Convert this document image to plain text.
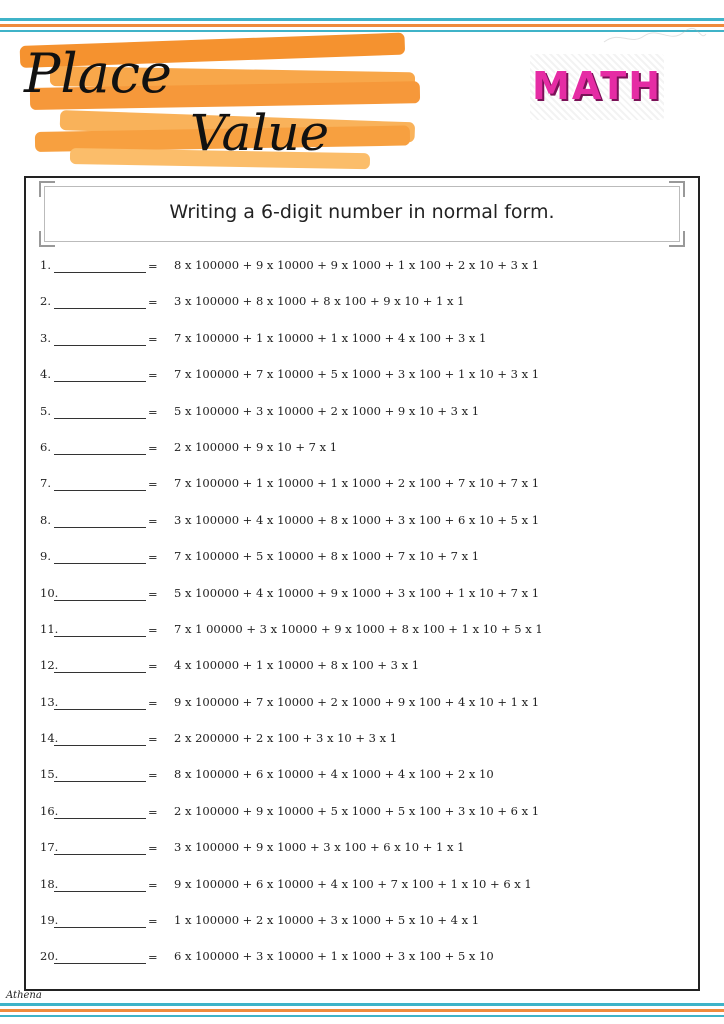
Place
Value
MATH
Writing a 6-digit number in normal form.
1.	= 8 x 100000 + 9 x 10000 + 9 x 1000 + 1 x 100 + 2 x 10 + 3 x 1
2.	= 3 x 100000 + 8 x 1000 + 8 x 100 + 9 x 10 + 1 x 1
3.	= 7 x 100000 + 1 x 10000 + 1 x 1000 + 4 x 100 + 3 x 1
4.	= 7 x 100000 + 7 x 10000 + 5 x 1000 + 3 x 100 + 1 x 10 + 3 x 1
5.	= 5 x 100000 + 3 x 10000 + 2 x 1000 + 9 x 10 + 3 x 1
6.	= 2 x 100000 + 9 x 10 + 7 x 1
7.	= 7 x 100000 + 1 x 10000 + 1 x 1000 + 2 x 100 + 7 x 10 + 7 x 1
8.	= 3 x 100000 + 4 x 10000 + 8 x 1000 + 3 x 100 + 6 x 10 + 5 x 1
9.	= 7 x 100000 + 5 x 10000 + 8 x 1000 + 7 x 10 + 7 x 1
10.	= 5 x 100000 + 4 x 10000 + 9 x 1000 + 3 x 100 + 1 x 10 + 7 x 1
11.	= 7 x 1 00000 + 3 x 10000 + 9 x 1000 + 8 x 100 + 1 x 10 + 5 x 1
12.	= 4 x 100000 + 1 x 10000 + 8 x 100 + 3 x 1
13.	= 9 x 100000 + 7 x 10000 + 2 x 1000 + 9 x 100 + 4 x 10 + 1 x 1
14.	= 2 x 200000 + 2 x 100 + 3 x 10 + 3 x 1
15.	= 8 x 100000 + 6 x 10000 + 4 x 1000 + 4 x 100 + 2 x 10
16.	= 2 x 100000 + 9 x 10000 + 5 x 1000 + 5 x 100 + 3 x 10 + 6 x 1
17.	= 3 x 100000 + 9 x 1000 + 3 x 100 + 6 x 10 + 1 x 1
18.	= 9 x 100000 + 6 x 10000 + 4 x 100 + 7 x 100 + 1 x 10 + 6 x 1
19.	= 1 x 100000 + 2 x 10000 + 3 x 1000 + 5 x 10 + 4 x 1
20.	= 6 x 100000 + 3 x 10000 + 1 x 1000 + 3 x 100 + 5 x 10
Athena
